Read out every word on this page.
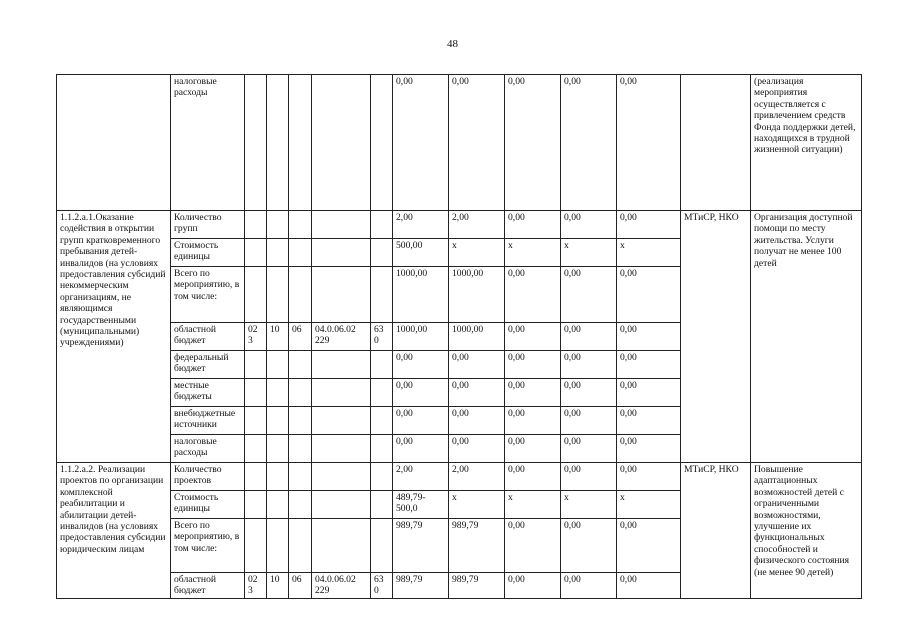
48
	налоговые расходы						0,00	0,00	0,00	0,00	0,00		(реализация мероприятия осуществляется с привлечением средств Фонда поддержки детей, находящихся в трудной жизненной ситуации)
1.1.2.а.1.Оказание содействия в открытии групп кратковременного пребывания детей-инвалидов (на условиях предоставления субсидий некоммерческим организациям, не являющимся государственными (муниципальными) учреждениями)	Количество групп						2,00	2,00	0,00	0,00	0,00	МТиСР, НКО	Организация доступной помощи по месту жительства. Услуги получат не менее 100 детей
	Стоимость единицы						500,00	х	х	х	х		
	Всего по мероприятию, в том числе:						1000,00	1000,00	0,00	0,00	0,00		
	областной бюджет	02 3	10	06	04.0.06.02 229	63 0	1000,00	1000,00	0,00	0,00	0,00		
	федеральный бюджет						0,00	0,00	0,00	0,00	0,00		
	местные бюджеты						0,00	0,00	0,00	0,00	0,00		
	внебюджетные источники						0,00	0,00	0,00	0,00	0,00		
	налоговые расходы						0,00	0,00	0,00	0,00	0,00		
1.1.2.а.2. Реализации проектов по организации комплексной реабилитации и абилитации детей-инвалидов (на условиях предоставления субсидии юридическим лицам	Количество проектов						2,00	2,00	0,00	0,00	0,00	МТиСР, НКО	Повышение адаптационных возможностей детей с ограниченными возможностями, улучшение их функциональных способностей и физического состояния (не менее 90 детей)
	Стоимость единицы						489,79-500,0	х	х	х	х		
	Всего по мероприятию, в том числе:						989,79	989,79	0,00	0,00	0,00		
	областной бюджет	02 3	10	06	04.0.06.02 229	63 0	989,79	989,79	0,00	0,00	0,00		
